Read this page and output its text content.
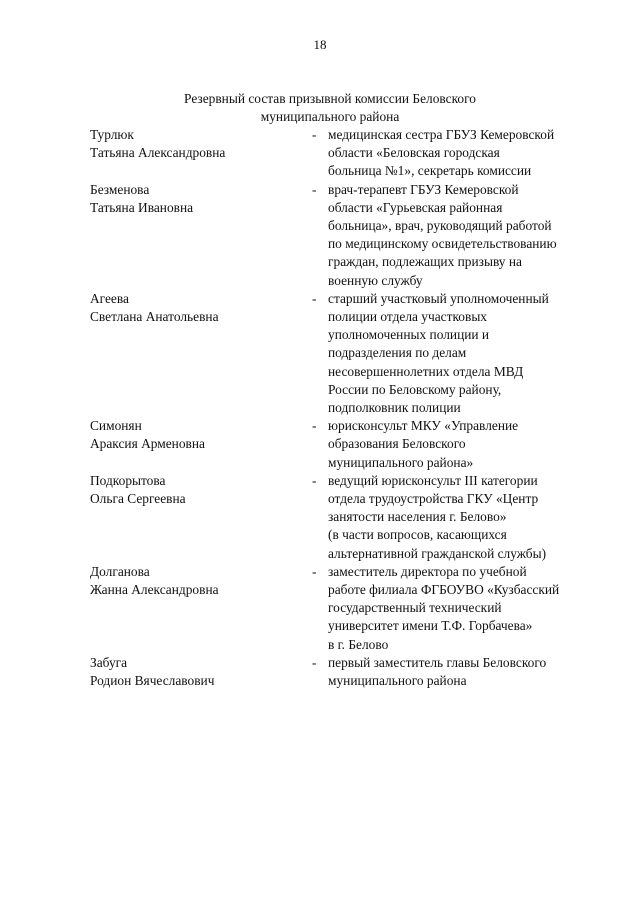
18
Резервный состав призывной комиссии Беловского
муниципального района
Турлюк
Татьяна Александровна
- медицинская сестра ГБУЗ Кемеровской
области «Беловская городская
больница №1», секретарь комиссии
Безменова
Татьяна Ивановна
- врач-терапевт ГБУЗ Кемеровской
области «Гурьевская районная
больница», врач, руководящий работой
по медицинскому освидетельствованию
граждан, подлежащих призыву на
военную службу
Агеева
Светлана Анатольевна
- старший участковый уполномоченный
полиции отдела участковых
уполномоченных полиции и
подразделения по делам
несовершеннолетних отдела МВД
России по Беловскому району,
подполковник полиции
Симонян
Араксия Арменовна
- юрисконсульт МКУ «Управление
образования Беловского
муниципального района»
Подкорытова
Ольга Сергеевна
- ведущий юрисконсульт III категории
отдела трудоустройства ГКУ «Центр
занятости населения г. Белово»
(в части вопросов, касающихся
альтернативной гражданской службы)
Долганова
Жанна Александровна
- заместитель директора по учебной
работе филиала ФГБОУВО «Кузбасский
государственный технический
университет имени Т.Ф. Горбачева»
в г. Белово
Забуга
Родион Вячеславович
- первый заместитель главы Беловского
муниципального района
